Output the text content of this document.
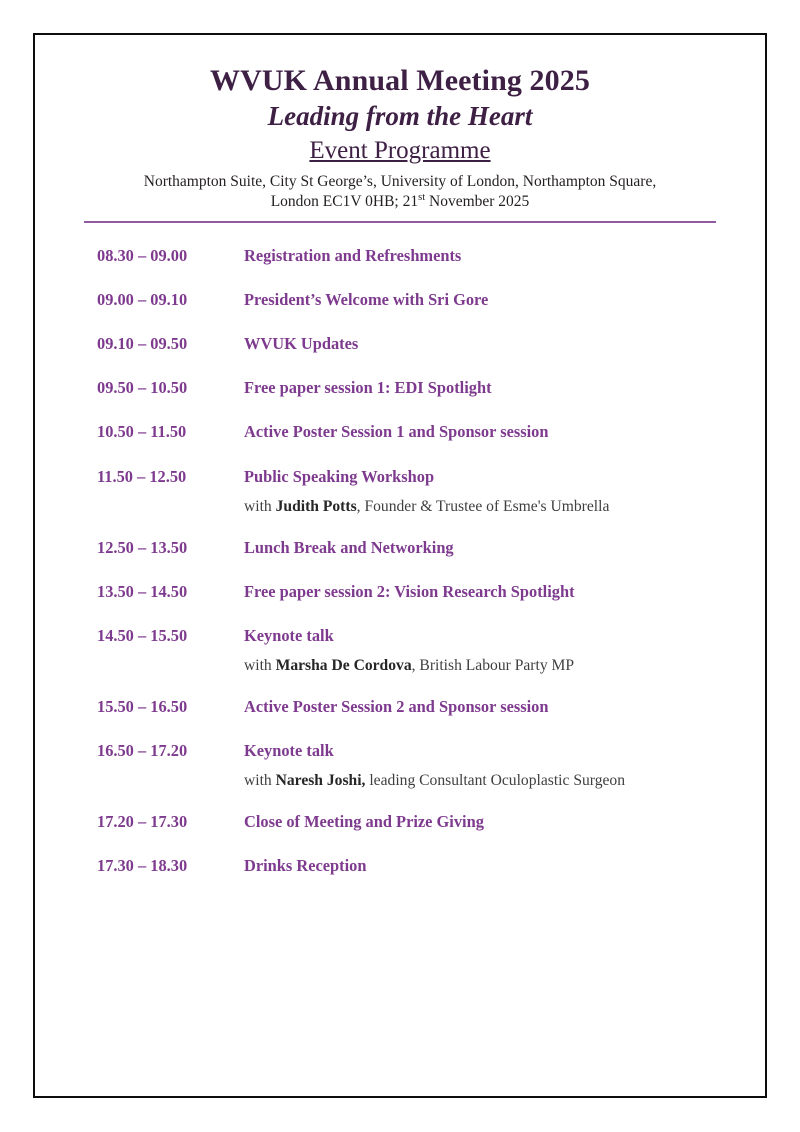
WVUK Annual Meeting 2025
Leading from the Heart
Event Programme
Northampton Suite, City St George’s, University of London, Northampton Square,
London EC1V 0HB; 21st November 2025
08.30 – 09.00	Registration and Refreshments
09.00 – 09.10	President’s Welcome with Sri Gore
09.10 – 09.50	WVUK Updates
09.50 – 10.50	Free paper session 1: EDI Spotlight
10.50 – 11.50	Active Poster Session 1 and Sponsor session
11.50 – 12.50	Public Speaking Workshop
with Judith Potts, Founder & Trustee of Esme's Umbrella
12.50 – 13.50	Lunch Break and Networking
13.50 – 14.50	Free paper session 2: Vision Research Spotlight
14.50 – 15.50	Keynote talk
with Marsha De Cordova, British Labour Party MP
15.50 – 16.50	Active Poster Session 2 and Sponsor session
16.50 – 17.20	Keynote talk
with Naresh Joshi, leading Consultant Oculoplastic Surgeon
17.20 – 17.30	Close of Meeting and Prize Giving
17.30 – 18.30	Drinks Reception
